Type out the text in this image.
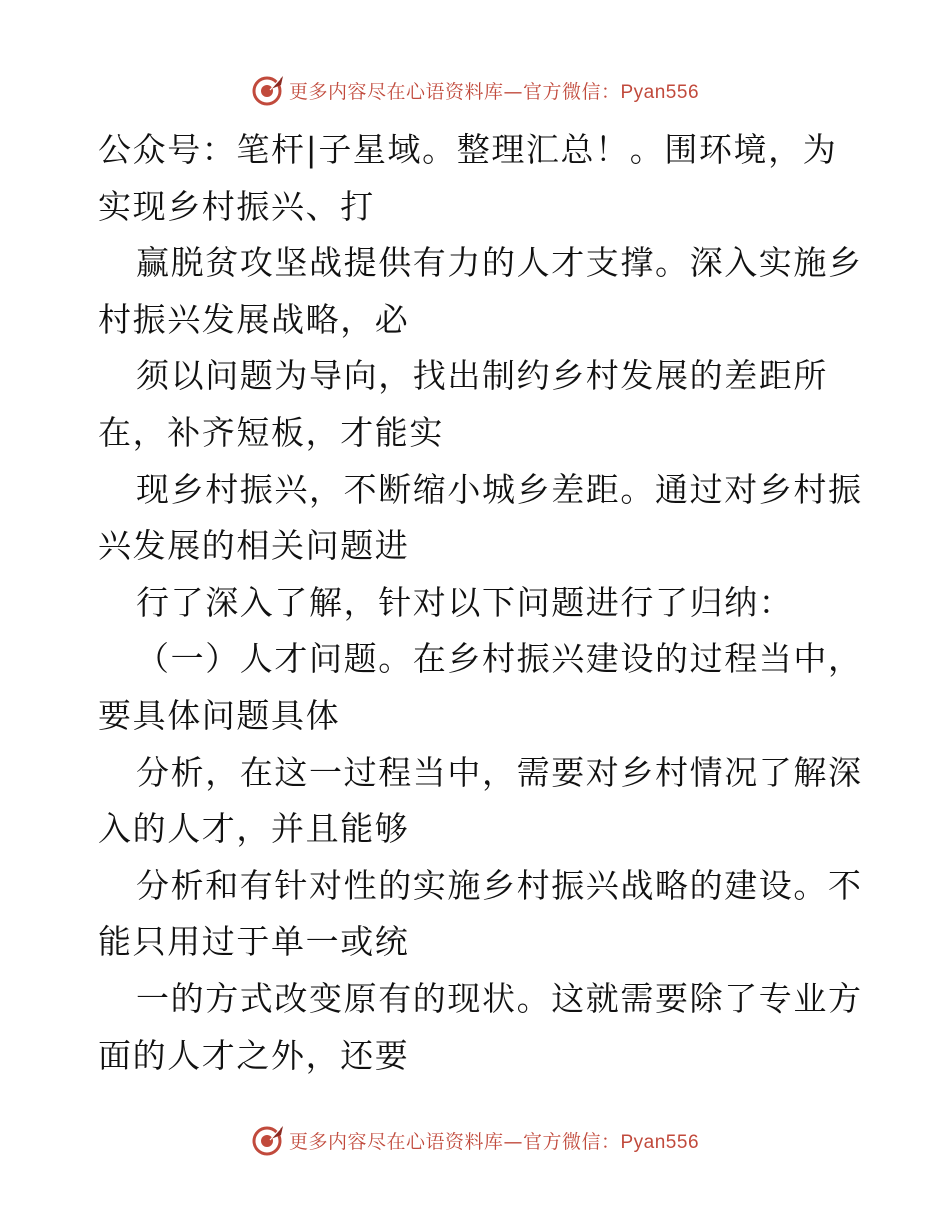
更多内容尽在心语资料库—官方微信：Pyan556
公众号：笔杆|子星域。整理汇总！。围环境，为
实现乡村振兴、打
赢脱贫攻坚战提供有力的人才支撑。深入实施乡
村振兴发展战略，必
须以问题为导向，找出制约乡村发展的差距所
在，补齐短板，才能实
现乡村振兴，不断缩小城乡差距。通过对乡村振
兴发展的相关问题进
行了深入了解，针对以下问题进行了归纳：
（一）人才问题。在乡村振兴建设的过程当中，
要具体问题具体
分析，在这一过程当中，需要对乡村情况了解深
入的人才，并且能够
分析和有针对性的实施乡村振兴战略的建设。不
能只用过于单一或统
一的方式改变原有的现状。这就需要除了专业方
面的人才之外，还要
更多内容尽在心语资料库—官方微信：Pyan556
